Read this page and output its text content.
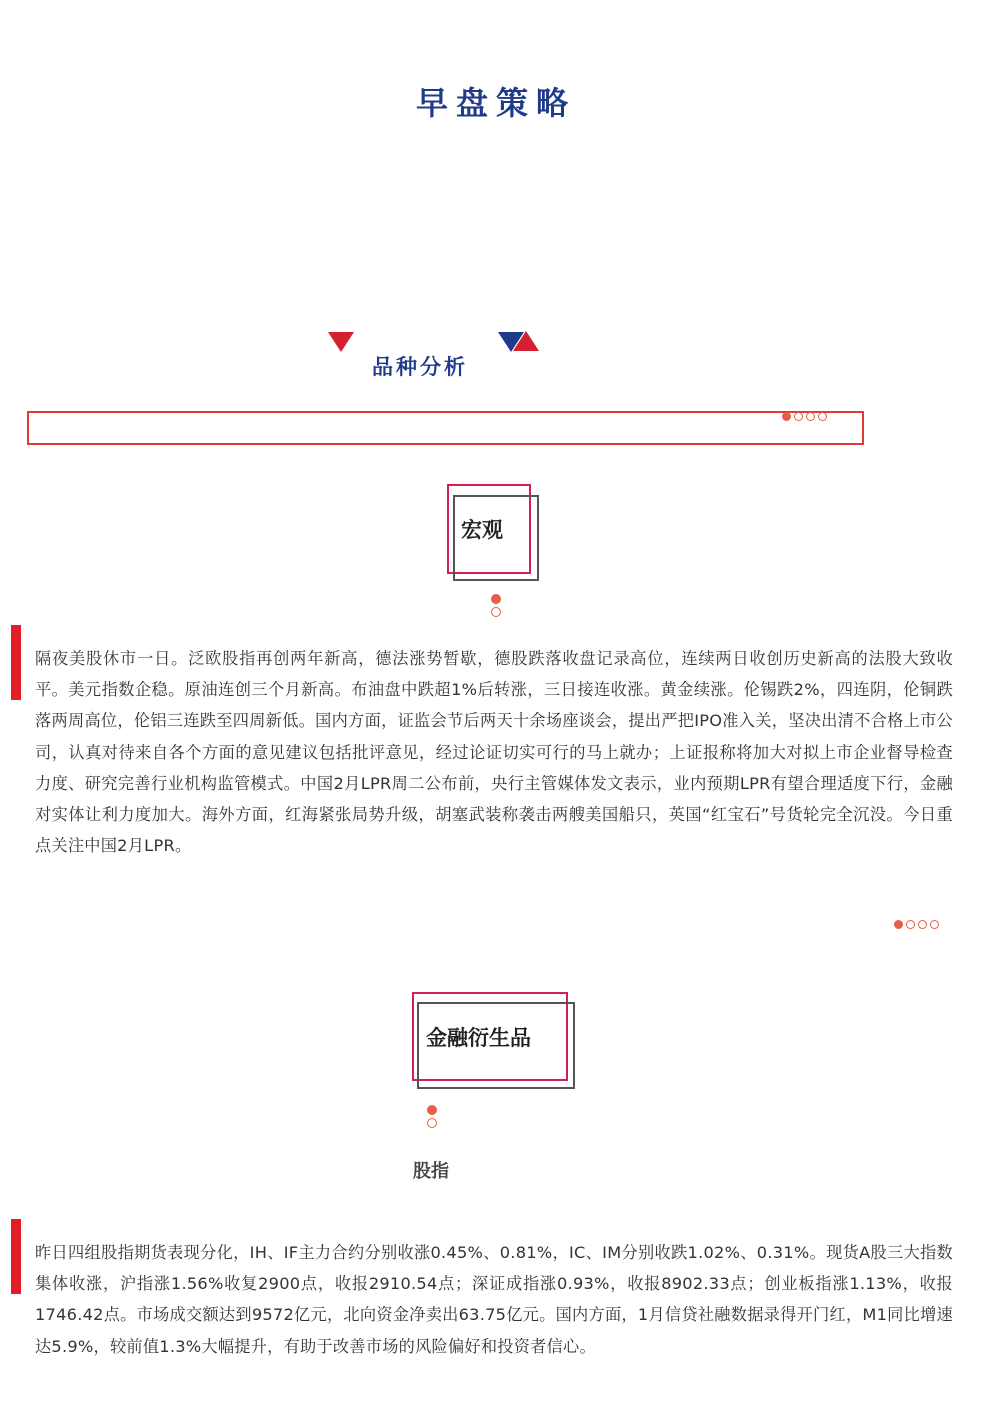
早盘策略
品种分析
宏观
隔夜美股休市一日。泛欧股指再创两年新高，德法涨势暂歇，德股跌落收盘记录高位，连续两日收创历史新高的法股大致收平。美元指数企稳。原油连创三个月新高。布油盘中跌超1%后转涨，三日接连收涨。黄金续涨。伦锡跌2%，四连阴，伦铜跌落两周高位，伦铝三连跌至四周新低。国内方面，证监会节后两天十余场座谈会，提出严把IPO准入关，坚决出清不合格上市公司，认真对待来自各个方面的意见建议包括批评意见，经过论证切实可行的马上就办；上证报称将加大对拟上市企业督导检查力度、研究完善行业机构监管模式。中国2月LPR周二公布前，央行主管媒体发文表示，业内预期LPR有望合理适度下行，金融对实体让利力度加大。海外方面，红海紧张局势升级，胡塞武装称袭击两艘美国船只，英国“红宝石”号货轮完全沉没。今日重点关注中国2月LPR。
金融衍生品
股指
昨日四组股指期货表现分化，IH、IF主力合约分别收涨0.45%、0.81%，IC、IM分别收跌1.02%、0.31%。现货A股三大指数集体收涨，沪指涨1.56%收复2900点，收报2910.54点；深证成指涨0.93%，收报8902.33点；创业板指涨1.13%，收报1746.42点。市场成交额达到9572亿元，北向资金净卖出63.75亿元。国内方面，1月信贷社融数据录得开门红，M1同比增速达5.9%，较前值1.3%大幅提升，有助于改善市场的风险偏好和投资者信心。
